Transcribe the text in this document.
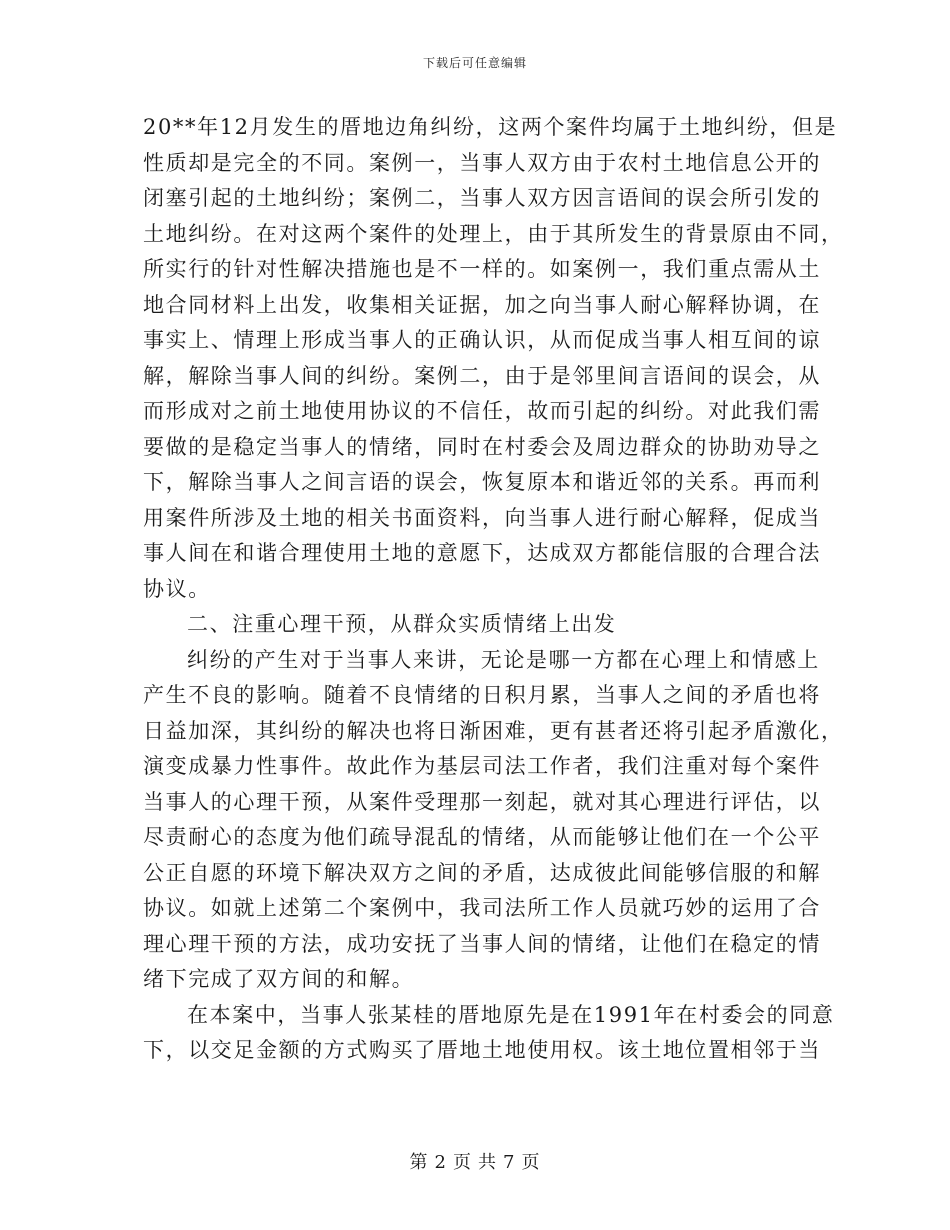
下载后可任意编辑
20**年12月发生的厝地边角纠纷，这两个案件均属于土地纠纷，但是
性质却是完全的不同。案例一，当事人双方由于农村土地信息公开的
闭塞引起的土地纠纷；案例二，当事人双方因言语间的误会所引发的
土地纠纷。在对这两个案件的处理上，由于其所发生的背景原由不同，
所实行的针对性解决措施也是不一样的。如案例一，我们重点需从土
地合同材料上出发，收集相关证据，加之向当事人耐心解释协调，在
事实上、情理上形成当事人的正确认识，从而促成当事人相互间的谅
解，解除当事人间的纠纷。案例二，由于是邻里间言语间的误会，从
而形成对之前土地使用协议的不信任，故而引起的纠纷。对此我们需
要做的是稳定当事人的情绪，同时在村委会及周边群众的协助劝导之
下，解除当事人之间言语的误会，恢复原本和谐近邻的关系。再而利
用案件所涉及土地的相关书面资料，向当事人进行耐心解释，促成当
事人间在和谐合理使用土地的意愿下，达成双方都能信服的合理合法
协议。
二、注重心理干预，从群众实质情绪上出发
纠纷的产生对于当事人来讲，无论是哪一方都在心理上和情感上
产生不良的影响。随着不良情绪的日积月累，当事人之间的矛盾也将
日益加深，其纠纷的解决也将日渐困难，更有甚者还将引起矛盾激化，
演变成暴力性事件。故此作为基层司法工作者，我们注重对每个案件
当事人的心理干预，从案件受理那一刻起，就对其心理进行评估，以
尽责耐心的态度为他们疏导混乱的情绪，从而能够让他们在一个公平
公正自愿的环境下解决双方之间的矛盾，达成彼此间能够信服的和解
协议。如就上述第二个案例中，我司法所工作人员就巧妙的运用了合
理心理干预的方法，成功安抚了当事人间的情绪，让他们在稳定的情
绪下完成了双方间的和解。
在本案中，当事人张某桂的厝地原先是在1991年在村委会的同意
下，以交足金额的方式购买了厝地土地使用权。该土地位置相邻于当
第 2 页 共 7 页
